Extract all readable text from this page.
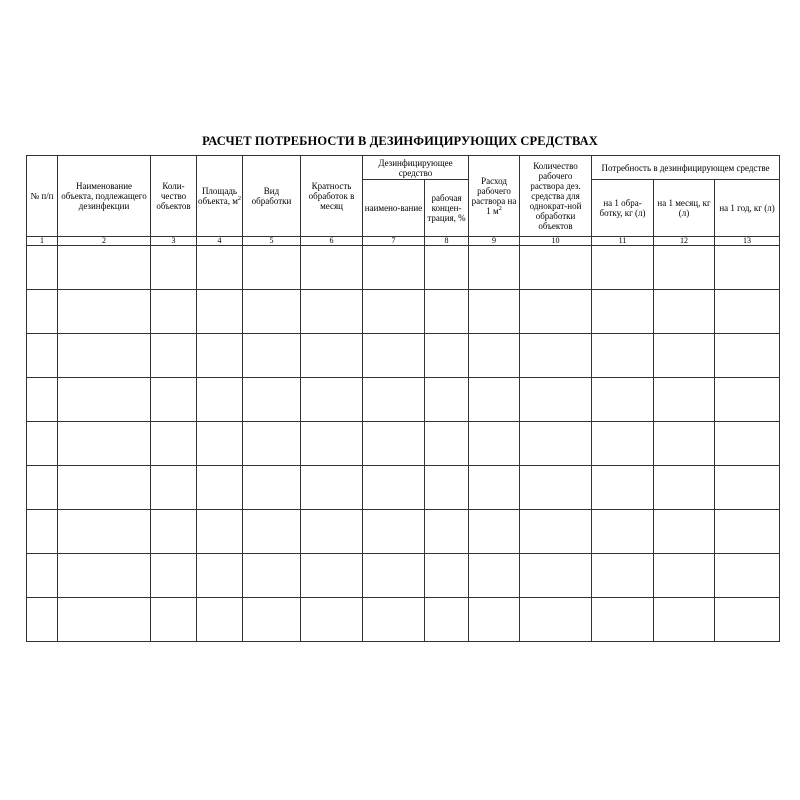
РАСЧЕТ ПОТРЕБНОСТИ В ДЕЗИНФИЦИРУЮЩИХ СРЕДСТВАХ
№ п/п	Наименование объекта, подлежащего дезинфекции	Коли-чество объектов	Площадь объекта, $м^2$	Вид обработки	Кратность обработок в месяц	Дезинфицирующее средство		Расход рабочего раствора на 1 $м^2$	Количество рабочего раствора дез. средства для однократ-ной обработки объектов	Потребность в дезинфицирующем средстве		
						наимено-вание	рабочая концен-трация, %			на 1 обра-ботку, кг (л)	на 1 месяц, кг (л)	на 1 год, кг (л)
1	2	3	4	5	6	7	8	9	10	11	12	13
